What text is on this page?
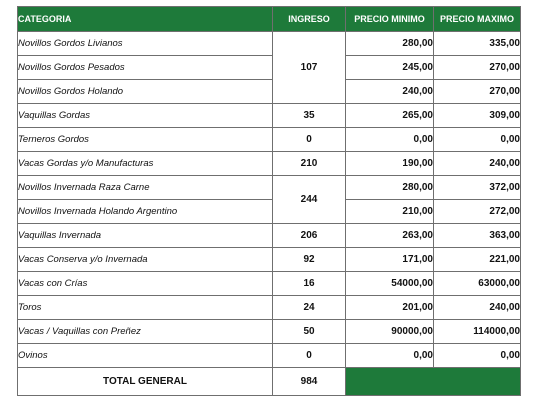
CATEGORIA	INGRESO	PRECIO MINIMO	PRECIO MAXIMO
Novillos Gordos Livianos	107	280,00	335,00
Novillos Gordos Pesados		245,00	270,00
Novillos Gordos Holando		240,00	270,00
Vaquillas Gordas	35	265,00	309,00
Terneros Gordos	0	0,00	0,00
Vacas Gordas y/o Manufacturas	210	190,00	240,00
Novillos Invernada Raza Carne	244	280,00	372,00
Novillos Invernada Holando Argentino		210,00	272,00
Vaquillas Invernada	206	263,00	363,00
Vacas Conserva y/o Invernada	92	171,00	221,00
Vacas con Crías	16	54000,00	63000,00
Toros	24	201,00	240,00
Vacas / Vaquillas con Preñez	50	90000,00	114000,00
Ovinos	0	0,00	0,00
TOTAL GENERAL	984		
